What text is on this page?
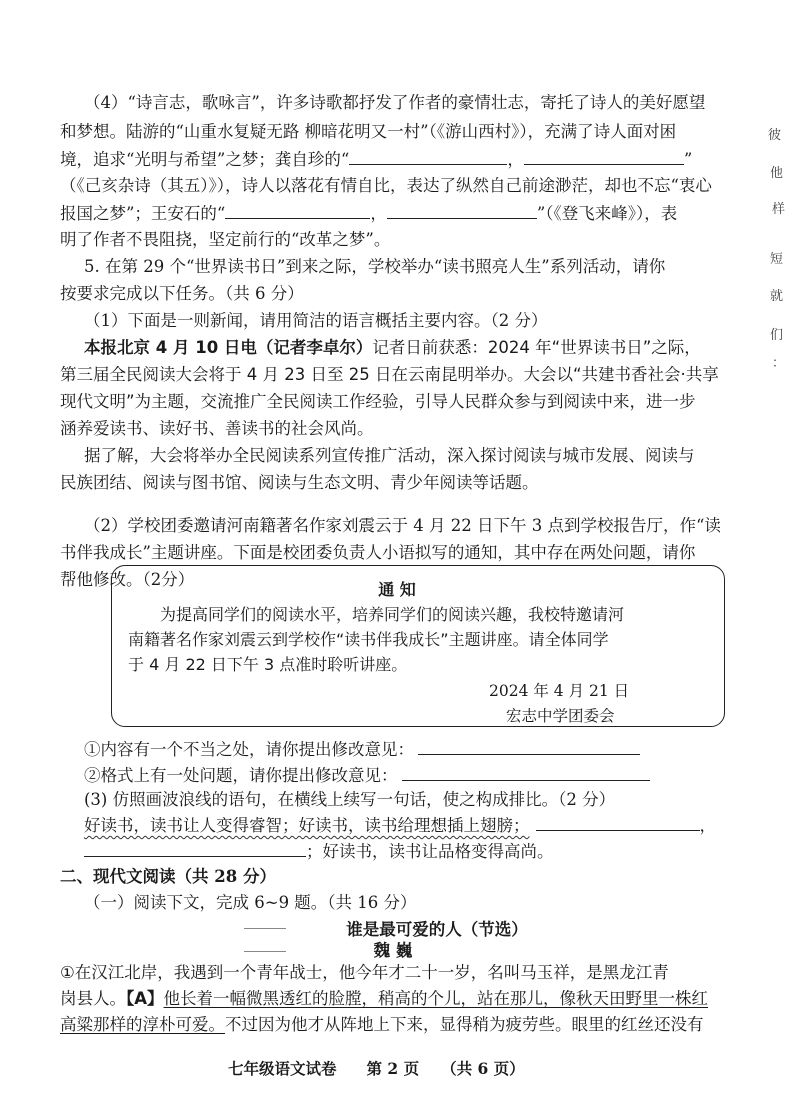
（4）“诗言志，歌咏言”，许多诗歌都抒发了作者的豪情壮志，寄托了诗人的美好愿望
和梦想。陆游的“山重水复疑无路 柳暗花明又一村”（《游山西村》），充满了诗人面对困
境，追求“光明与希望”之梦；龚自珍的“	，	”
（《己亥杂诗（其五）》），诗人以落花有情自比，表达了纵然自己前途渺茫，却也不忘“衷心
报国之梦”；王安石的“	，	”（《登飞来峰》），表
明了作者不畏阻挠，坚定前行的“改革之梦”。
5. 在第 29 个“世界读书日”到来之际，学校举办“读书照亮人生”系列活动，请你
按要求完成以下任务。（共 6 分）
（1）下面是一则新闻，请用简洁的语言概括主要内容。（2 分）
本报北京 4 月 10 日电（记者李卓尔）记者日前获悉：2024 年“世界读书日”之际，
第三届全民阅读大会将于 4 月 23 日至 25 日在云南昆明举办。大会以“共建书香社会·共享
现代文明”为主题，交流推广全民阅读工作经验，引导人民群众参与到阅读中来，进一步
涵养爱读书、读好书、善读书的社会风尚。
据了解，大会将举办全民阅读系列宣传推广活动，深入探讨阅读与城市发展、阅读与
民族团结、阅读与图书馆、阅读与生态文明、青少年阅读等话题。
（2）学校团委邀请河南籍著名作家刘震云于 4 月 22 日下午 3 点到学校报告厅，作“读
书伴我成长”主题讲座。下面是校团委负责人小语拟写的通知，其中存在两处问题，请你
帮他修改。（2分）
通 知
为提高同学们的阅读水平，培养同学们的阅读兴趣，我校特邀请河
南籍著名作家刘震云到学校作“读书伴我成长”主题讲座。请全体同学
于 4 月 22 日下午 3 点准时聆听讲座。
2024 年 4 月 21 日
宏志中学团委会
①内容有一个不当之处，请你提出修改意见：
②格式上有一处问题，请你提出修改意见：
(3) 仿照画波浪线的语句，在横线上续写一句话，使之构成排比。（2 分）
好读书，读书让人变得睿智；好读书，读书给理想插上翅膀；	，
；好读书，读书让品格变得高尚。
二、现代文阅读（共 28 分）
（一）阅读下文，完成 6~9 题。（共 16 分）
谁是最可爱的人（节选）
魏 巍
①在汉江北岸，我遇到一个青年战士，他今年才二十一岁，名叫马玉祥，是黑龙江青
岗县人。【A】他长着一幅微黑透红的脸膛，稍高的个儿，站在那儿，像秋天田野里一株红
高粱那样的淳朴可爱。不过因为他才从阵地上下来，显得稍为疲劳些。眼里的红丝还没有
七年级语文试卷 第 2 页 （共 6 页）
彼
他
样
短
就
们
：
